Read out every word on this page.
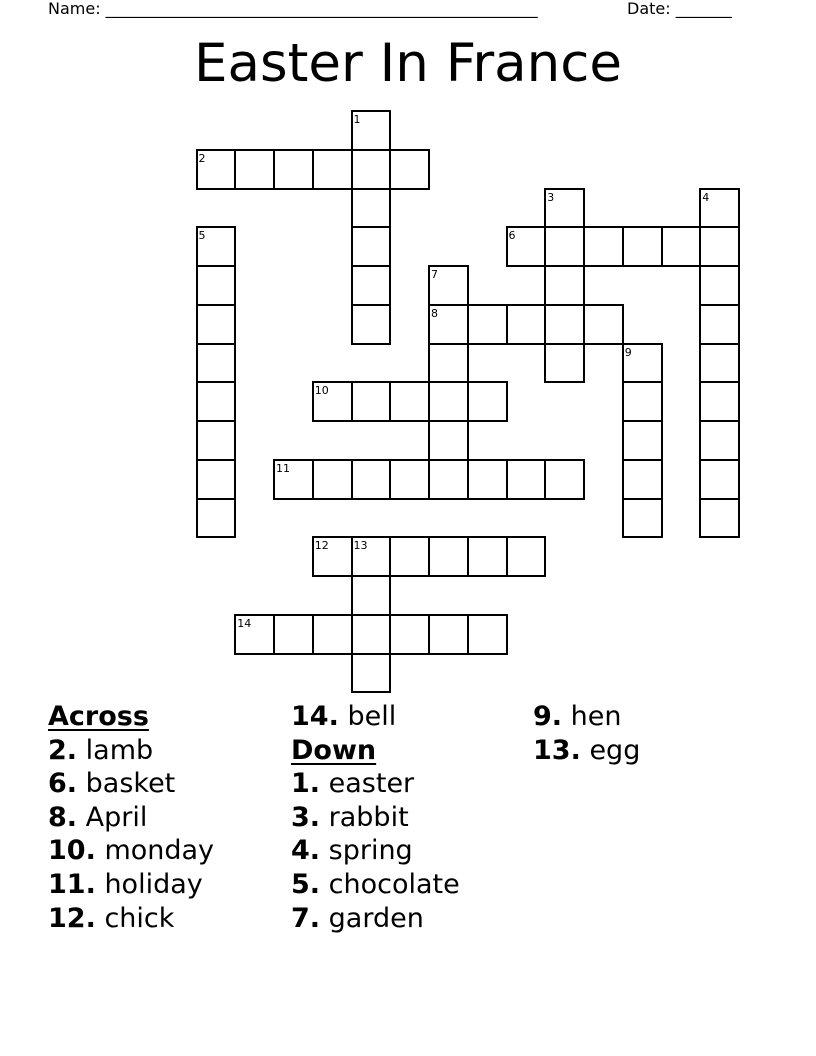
Name: ______________________________________________________	Date: _______
Easter In France
1
2
3	4
5	6
7
8
9
10
11
12 13
14
Across
2. lamb
6. basket
8. April
10. monday
11. holiday
12. chick
14. bell
Down
1. easter
3. rabbit
4. spring
5. chocolate
7. garden
9. hen
13. egg
